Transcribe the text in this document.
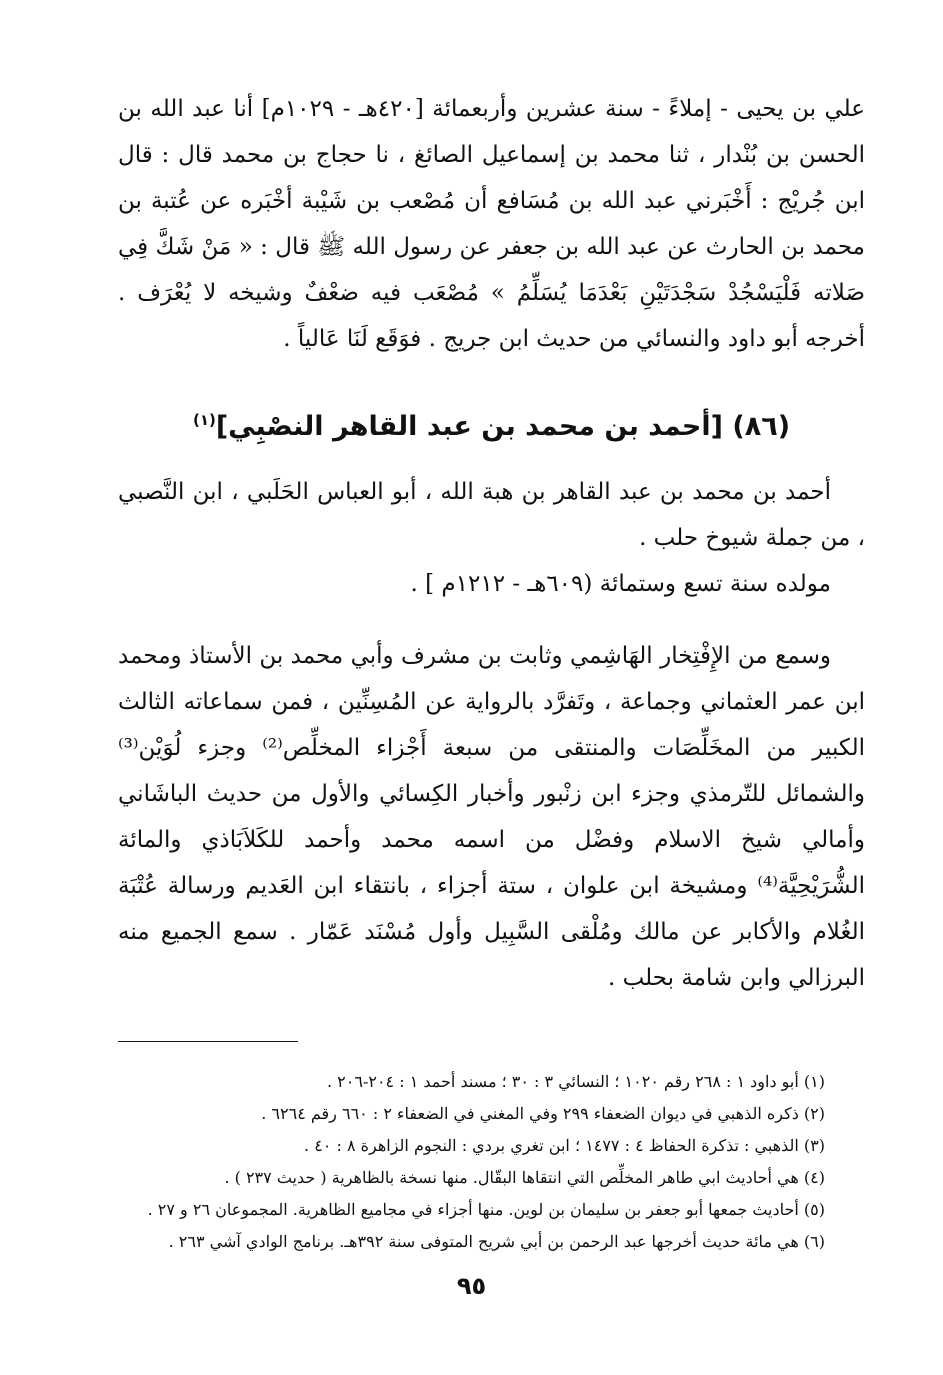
علي بن يحيى - إملاءً - سنة عشرين وأربعمائة [٤٢٠هـ - ١٠٢٩م] أنا عبد الله بن الحسن بن بُنْدار ، ثنا محمد بن إسماعيل الصائغ ، نا حجاج بن محمد قال : قال ابن جُريْج : أَخْبَرني عبد الله بن مُسَافع أن مُصْعب بن شَيْبة أخْبَره عن عُتبة بن محمد بن الحارث عن عبد الله بن جعفر عن رسول الله ﷺ قال : « مَنْ شَكَّ فِي صَلاته فَلْيَسْجُدْ سَجْدَتَيْنِ بَعْدَمَا يُسَلِّمُ » مُصْعَب فيه ضعْفٌ وشيخه لا يُعْرَف . أخرجه أبو داود والنسائي من حديث ابن جريج . فوَقَع لَنَا عَالياً .

(٨٦) [أحمد بن محمد بن عبد القاهر النصْبِي]$^{(١)}$

أحمد بن محمد بن عبد القاهر بن هبة الله ، أبو العباس الحَلَبي ، ابن النَّصبي ، من جملة شيوخ حلب .

مولده سنة تسع وستمائة (٦٠٩هـ - ١٢١٢م ] .

وسمع من الإِفْتِخار الهَاشِمي وثابت بن مشرف وأبي محمد بن الأستاذ ومحمد ابن عمر العثماني وجماعة ، وتَفرَّد بالرواية عن المُسِنِّين ، فمن سماعاته الثالث الكبير من المخَلِّصَات والمنتقى من سبعة أَجْزاء المخلِّص⁽²⁾ وجزء لُوَيْن⁽³⁾ والشمائل للتّرمذي وجزء ابن زنْبور وأخبار الكِسائي والأول من حديث الباشَاني وأمالي شيخ الاسلام وفضْل من اسمه محمد وأحمد للكَلاَبَاذي والمائة الشُّرَيْحِيَّة⁽⁴⁾ ومشيخة ابن علوان ، ستة أجزاء ، بانتقاء ابن العَديم ورسالة عُتْبَة الغُلام والأكابر عن مالك ومُلْقى السَّبِيل وأول مُسْنَد عَمّار . سمع الجميع منه البرزالي وابن شامة بحلب .

(١) أبو داود ١ : ٢٦٨ رقم ١٠٢٠ ؛ النسائي ٣ : ٣٠ ؛ مسند أحمد ١ : ٢٠٤-٢٠٦ .
(٢) ذكره الذهبي في ديوان الضعفاء ٢٩٩ وفي المغني في الضعفاء ٢ : ٦٦٠ رقم ٦٢٦٤ .
(٣) الذهبي : تذكرة الحفاظ ٤ : ١٤٧٧ ؛ ابن تغري بردي : النجوم الزاهرة ٨ : ٤٠ .
(٤) هي أحاديث ابي طاهر المخلِّص التي انتقاها البقّال. منها نسخة بالظاهرية ( حديث ٢٣٧ ) .
(٥) أحاديث جمعها أبو جعفر بن سليمان بن لوين. منها أجزاء في مجاميع الظاهرية. المجموعان ٢٦ و ٢٧ .
(٦) هي مائة حديث أخرجها عبد الرحمن بن أبي شريح المتوفى سنة ٣٩٢هـ. برنامج الوادي آشي ٢٦٣ .
٩٥
